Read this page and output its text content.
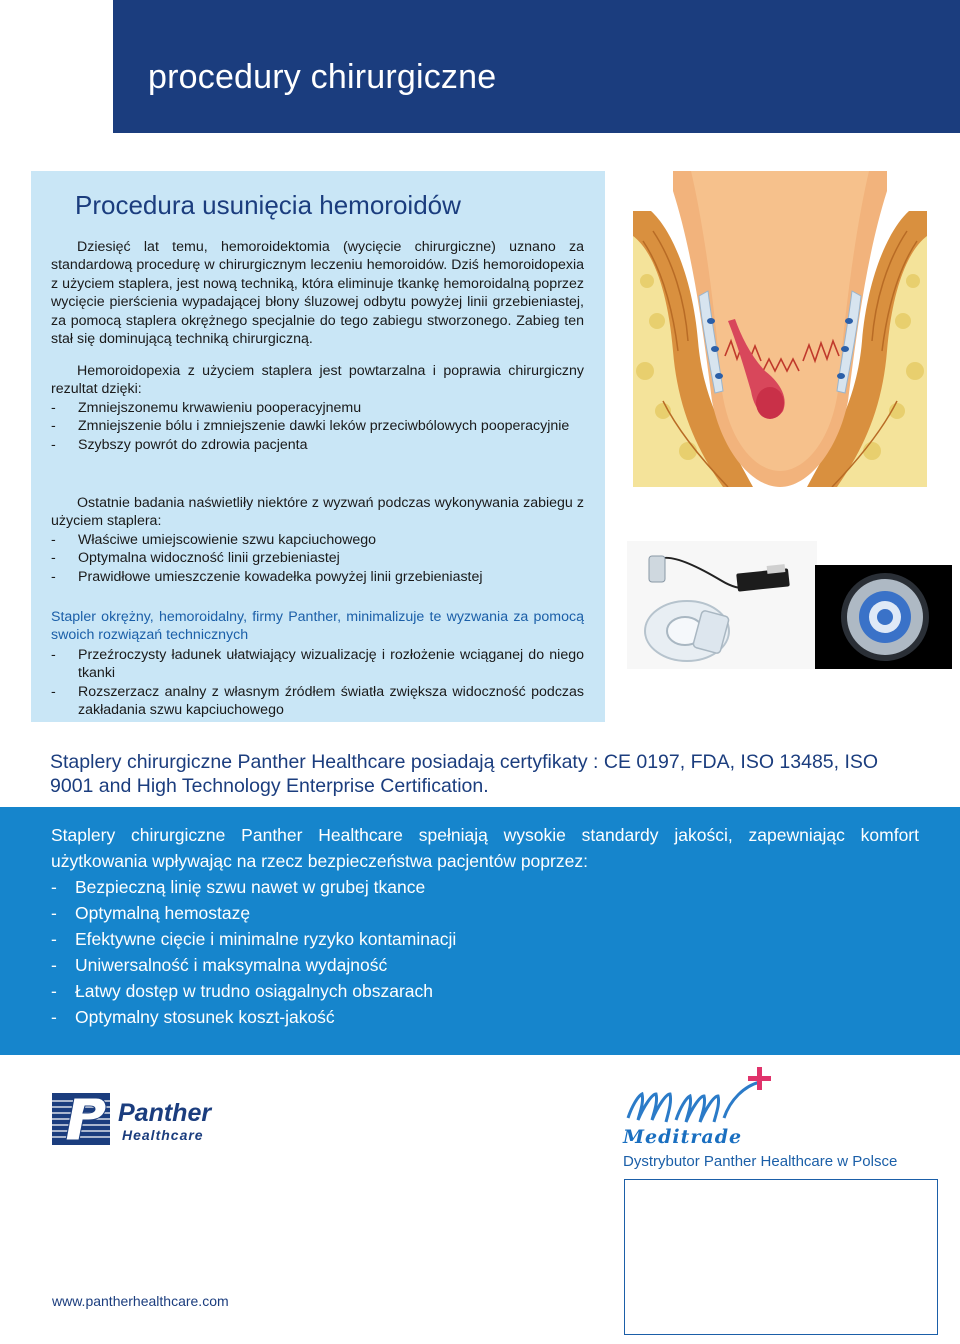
procedury chirurgiczne
Procedura usunięcia hemoroidów
Dziesięć lat temu, hemoroidektomia (wycięcie chirurgiczne) uznano za standardową procedurę w chirurgicznym leczeniu hemoroidów. Dziś hemoroidopexia z użyciem staplera, jest nową techniką, która eliminuje tkankę hemoroidalną poprzez wycięcie pierścienia wypadającej błony śluzowej odbytu powyżej linii grzebieniastej, za pomocą staplera okrężnego specjalnie do tego zabiegu stworzonego. Zabieg ten stał się dominującą techniką chirurgiczną.
Hemoroidopexia z użyciem staplera jest powtarzalna i poprawia chirurgiczny rezultat dzięki:
-	Zmniejszonemu krwawieniu pooperacyjnemu
-	Zmniejszenie bólu i zmniejszenie dawki leków przeciwbólowych pooperacyjnie
-	Szybszy powrót do zdrowia pacjenta
Ostatnie badania naświetliły niektóre z wyzwań podczas wykonywania zabiegu z użyciem staplera:
-	Właściwe umiejscowienie szwu kapciuchowego
-	Optymalna widoczność linii grzebieniastej
-	Prawidłowe umieszczenie kowadełka powyżej linii grzebieniastej
Stapler okrężny, hemoroidalny, firmy Panther, minimalizuje te wyzwania za pomocą swoich rozwiązań technicznych
-	Przeźroczysty ładunek ułatwiający wizualizację i rozłożenie wciąganej do niego tkanki
-	Rozszerzacz analny z własnym źródłem światła zwiększa widoczność podczas zakładania szwu kapciuchowego
Staplery chirurgiczne Panther Healthcare posiadają certyfikaty : CE 0197, FDA, ISO 13485, ISO 9001 and High Technology Enterprise Certification.
Staplery chirurgiczne Panther Healthcare spełniają wysokie standardy jakości, zapewniając komfort użytkowania wpływając na rzecz bezpieczeństwa pacjentów poprzez:
-	Bezpieczną linię szwu nawet w grubej tkance
-	Optymalną hemostazę
-	Efektywne cięcie i minimalne ryzyko kontaminacji
-	Uniwersalność i maksymalna wydajność
-	Łatwy dostęp w trudno osiągalnych obszarach
-	Optymalny stosunek koszt-jakość
Panther
Healthcare	Meditrade
Dystrybutor Panther Healthcare w Polsce
www.pantherhealthcare.com
